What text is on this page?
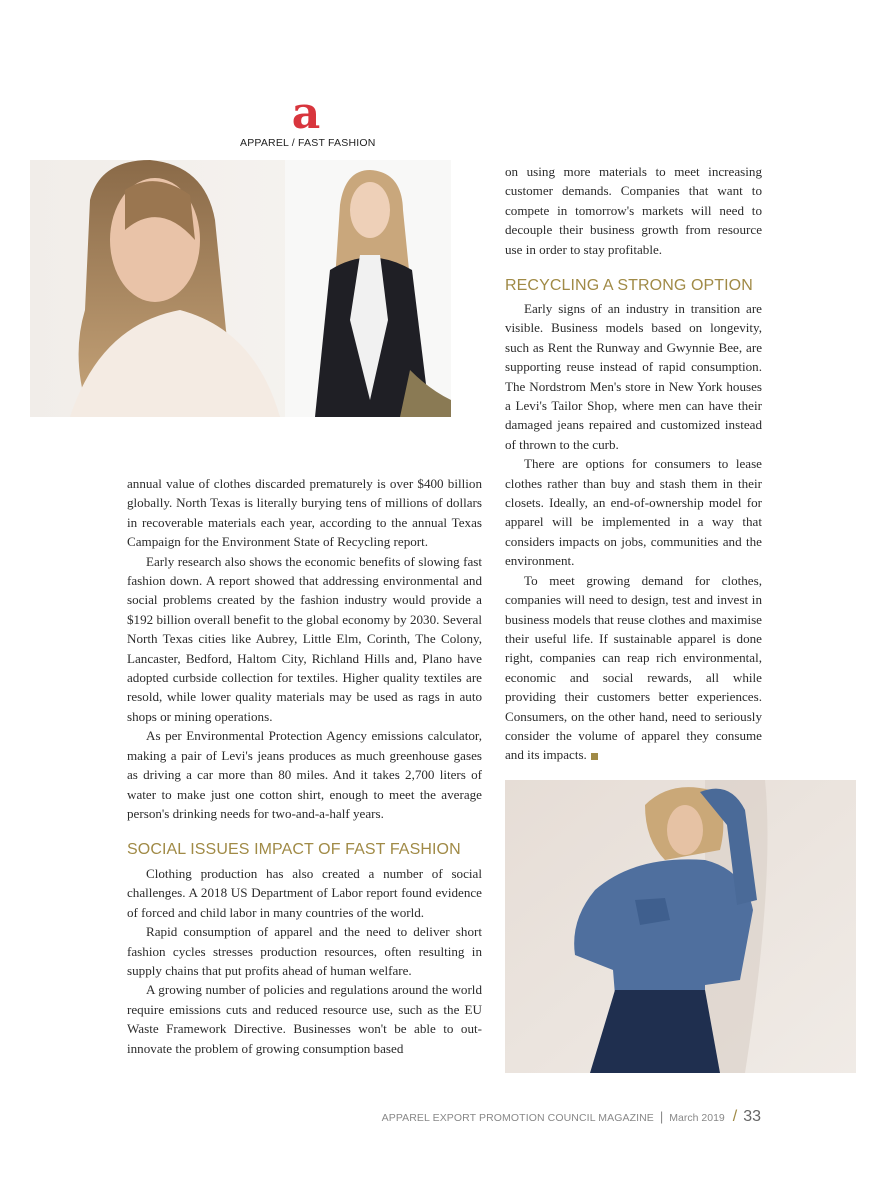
a
APPAREL / FAST FASHION

annual value of clothes discarded prematurely is over $400 billion globally. North Texas is literally burying tens of millions of dollars in recoverable materials each year, according to the annual Texas Campaign for the Environment State of Recycling report.

Early research also shows the economic benefits of slowing fast fashion down. A report showed that addressing environmental and social problems created by the fashion industry would provide a $192 billion overall benefit to the global economy by 2030. Several North Texas cities like Aubrey, Little Elm, Corinth, The Colony, Lancaster, Bedford, Haltom City, Richland Hills and, Plano have adopted curbside collection for textiles. Higher quality textiles are resold, while lower quality materials may be used as rags in auto shops or mining operations.

As per Environmental Protection Agency emissions calculator, making a pair of Levi's jeans produces as much greenhouse gases as driving a car more than 80 miles. And it takes 2,700 liters of water to make just one cotton shirt, enough to meet the average person's drinking needs for two-and-a-half years.

SOCIAL ISSUES IMPACT OF FAST FASHION

Clothing production has also created a number of social challenges. A 2018 US Department of Labor report found evidence of forced and child labor in many countries of the world.

Rapid consumption of apparel and the need to deliver short fashion cycles stresses production resources, often resulting in supply chains that put profits ahead of human welfare.

A growing number of policies and regulations around the world require emissions cuts and reduced resource use, such as the EU Waste Framework Directive. Businesses won't be able to out-innovate the problem of growing consumption based

on using more materials to meet increasing customer demands. Companies that want to compete in tomorrow's markets will need to decouple their business growth from resource use in order to stay profitable.

RECYCLING A STRONG OPTION

Early signs of an industry in transition are visible. Business models based on longevity, such as Rent the Runway and Gwynnie Bee, are supporting reuse instead of rapid consumption. The Nordstrom Men's store in New York houses a Levi's Tailor Shop, where men can have their damaged jeans repaired and customized instead of thrown to the curb.

There are options for consumers to lease clothes rather than buy and stash them in their closets. Ideally, an end-of-ownership model for apparel will be implemented in a way that considers impacts on jobs, communities and the environment.

To meet growing demand for clothes, companies will need to design, test and invest in business models that reuse clothes and maximise their useful life. If sustainable apparel is done right, companies can reap rich environmental, economic and social rewards, all while providing their customers better experiences. Consumers, on the other hand, need to seriously consider the volume of apparel they consume and its impacts.

APPAREL EXPORT PROMOTION COUNCIL MAGAZINE | March 2019 / 33
